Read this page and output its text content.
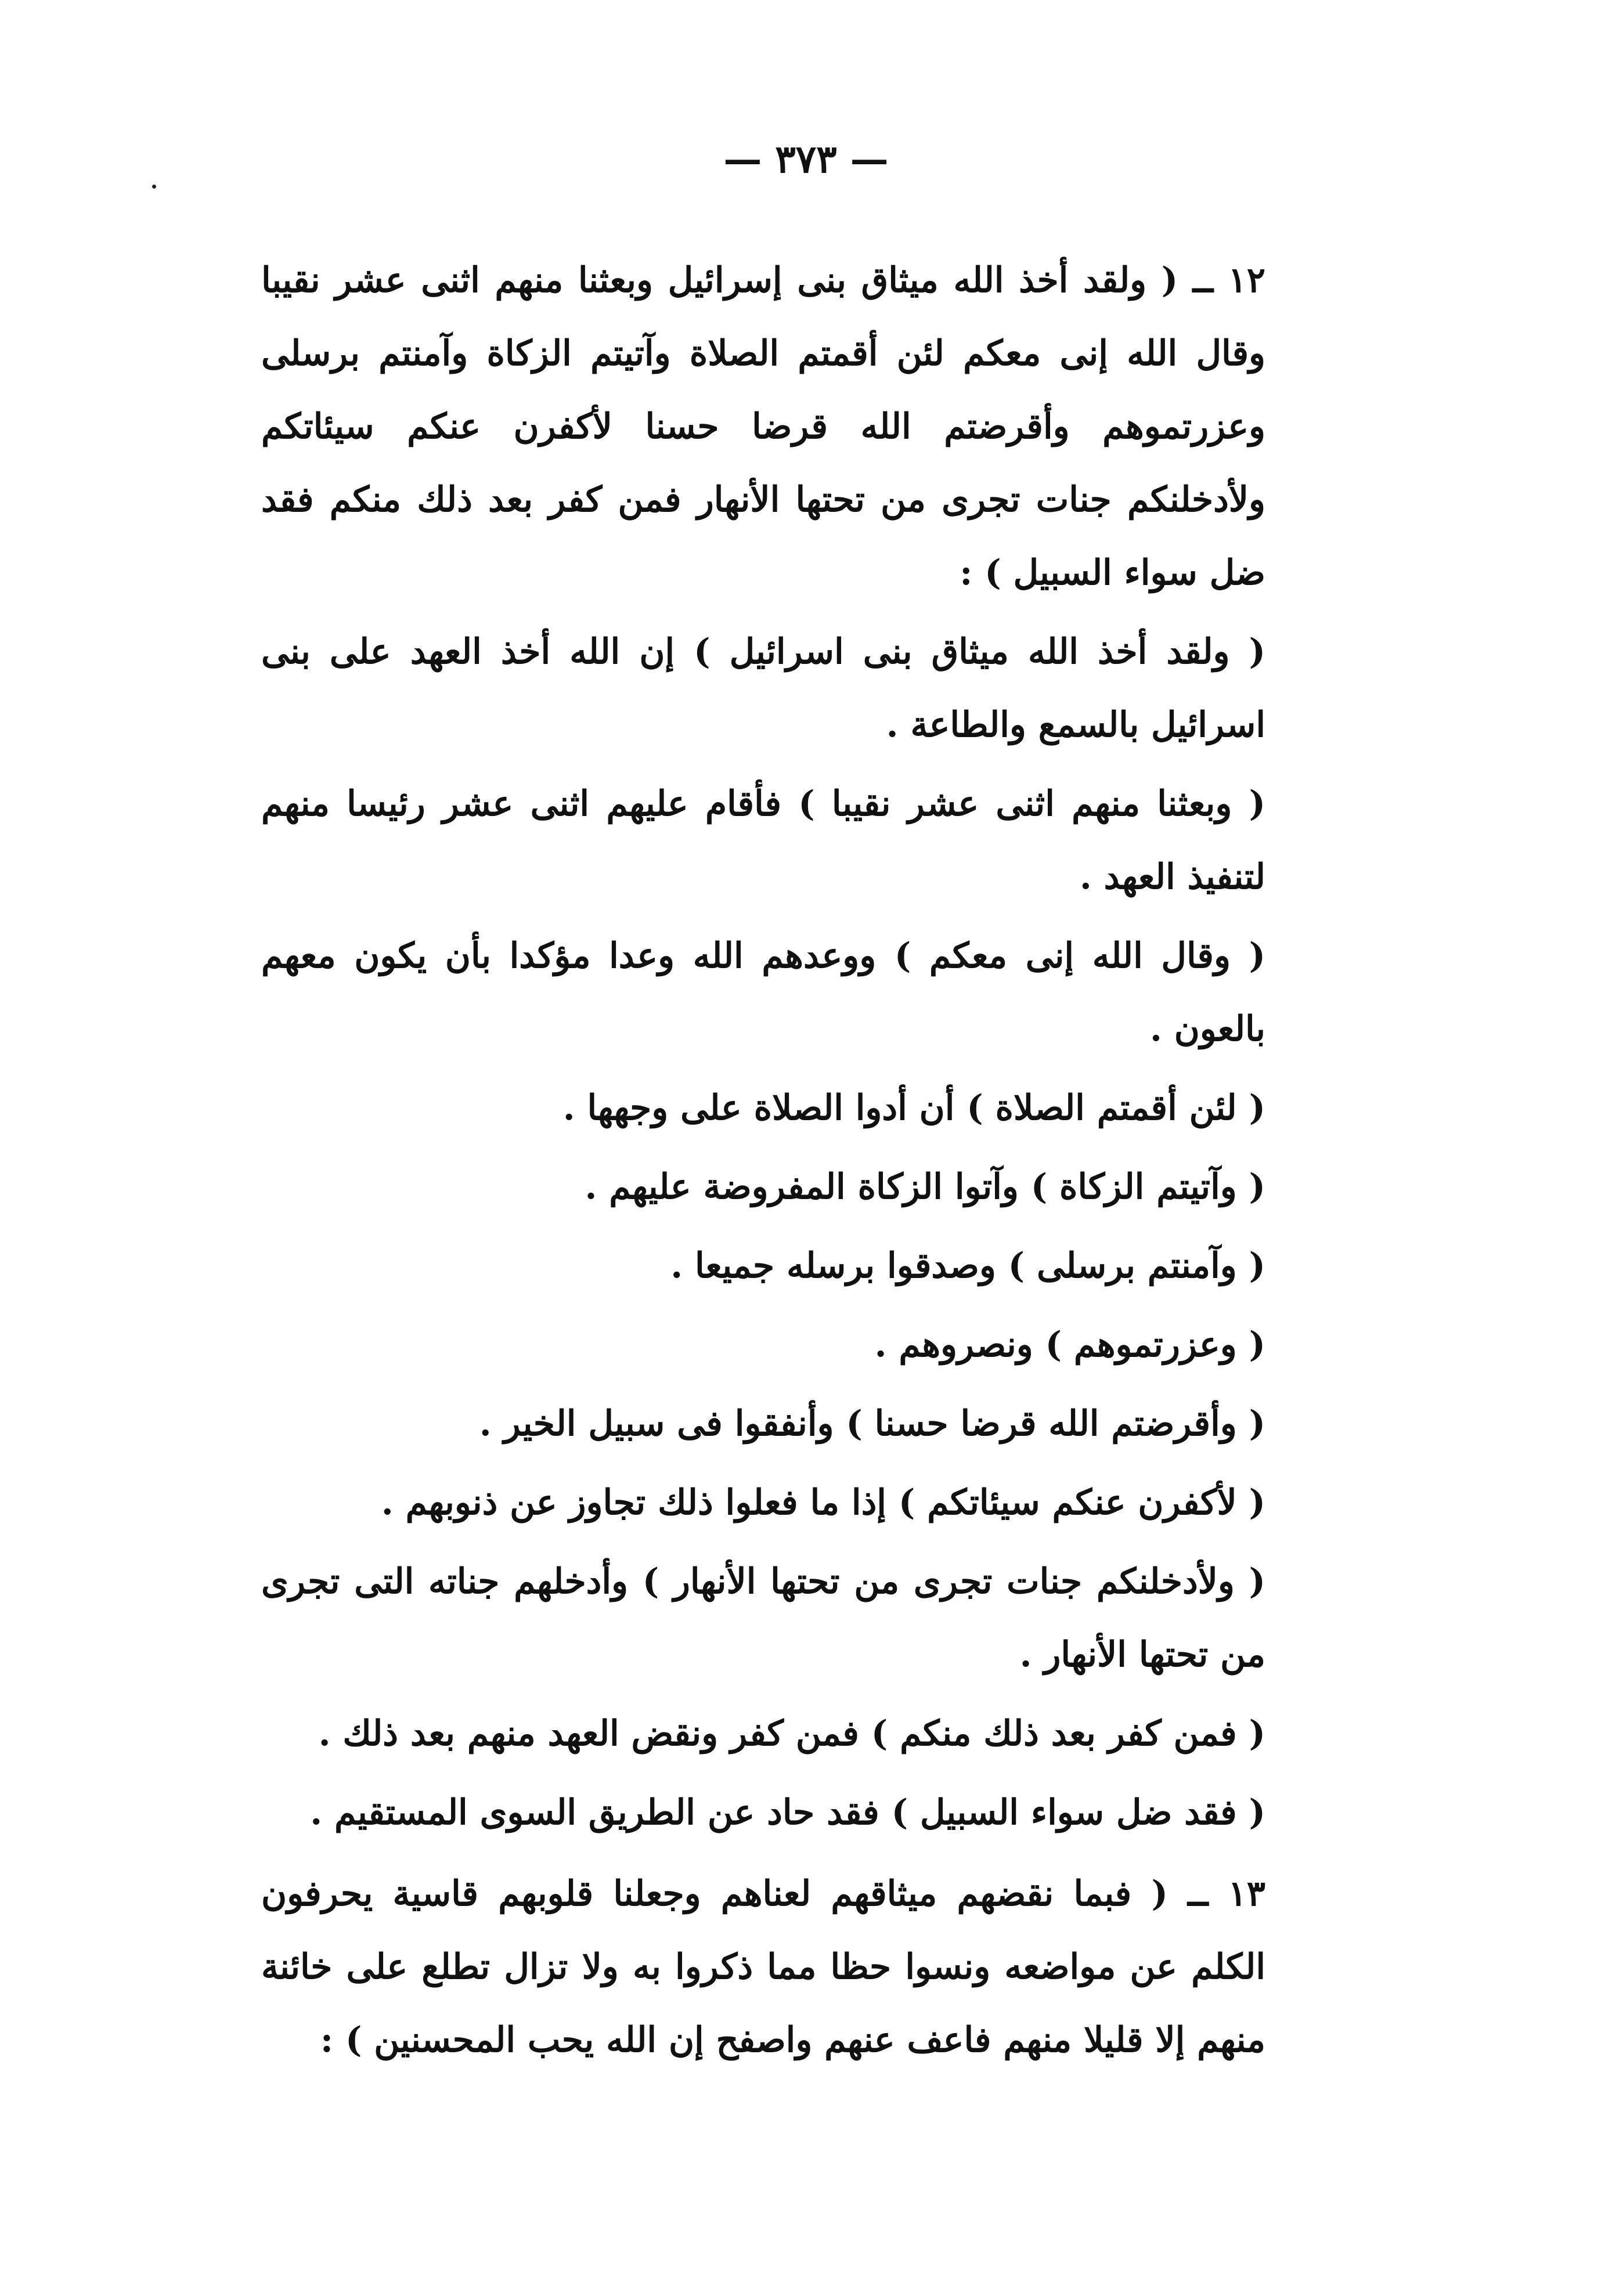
— ٣٧٣ —

١٢ ــ ( ولقد أخذ الله ميثاق بنى إسرائيل وبعثنا منهم اثنى عشر نقيبا وقال الله إنى معكم لئن أقمتم الصلاة وآتيتم الزكاة وآمنتم برسلى وعزرتموهم وأقرضتم الله قرضا حسنا لأكفرن عنكم سيئاتكم ولأدخلنكم جنات تجرى من تحتها الأنهار فمن كفر بعد ذلك منكم فقد ضل سواء السبيل ) :

( ولقد أخذ الله ميثاق بنى اسرائيل ) إن الله أخذ العهد على بنى اسرائيل بالسمع والطاعة .

( وبعثنا منهم اثنى عشر نقيبا ) فأقام عليهم اثنى عشر رئيسا منهم لتنفيذ العهد .

( وقال الله إنى معكم ) ووعدهم الله وعدا مؤكدا بأن يكون معهم بالعون .

( لئن أقمتم الصلاة ) أن أدوا الصلاة على وجهها .

( وآتيتم الزكاة ) وآتوا الزكاة المفروضة عليهم .

( وآمنتم برسلى ) وصدقوا برسله جميعا .

( وعزرتموهم ) ونصروهم .

( وأقرضتم الله قرضا حسنا ) وأنفقوا فى سبيل الخير .

( لأكفرن عنكم سيئاتكم ) إذا ما فعلوا ذلك تجاوز عن ذنوبهم .

( ولأدخلنكم جنات تجرى من تحتها الأنهار ) وأدخلهم جناته التى تجرى من تحتها الأنهار .

( فمن كفر بعد ذلك منكم ) فمن كفر ونقض العهد منهم بعد ذلك .

( فقد ضل سواء السبيل ) فقد حاد عن الطريق السوى المستقيم .

١٣ ــ ( فبما نقضهم ميثاقهم لعناهم وجعلنا قلوبهم قاسية يحرفون الكلم عن مواضعه ونسوا حظا مما ذكروا به ولا تزال تطلع على خائنة منهم إلا قليلا منهم فاعف عنهم واصفح إن الله يحب المحسنين ) :
